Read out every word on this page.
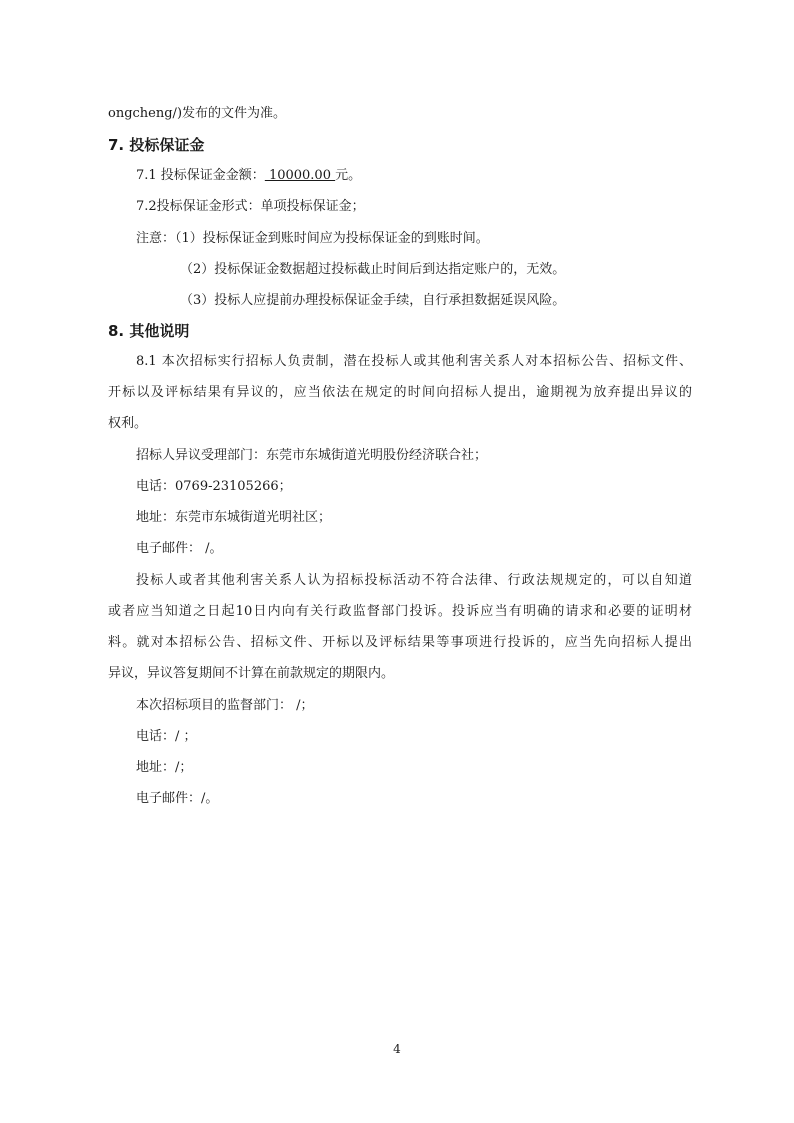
ongcheng/)发布的文件为准。
7. 投标保证金
7.1 投标保证金金额： 10000.00 元。
7.2投标保证金形式：单项投标保证金；
注意：（1）投标保证金到账时间应为投标保证金的到账时间。
（2）投标保证金数据超过投标截止时间后到达指定账户的，无效。
（3）投标人应提前办理投标保证金手续，自行承担数据延误风险。
8. 其他说明
8.1 本次招标实行招标人负责制，潜在投标人或其他利害关系人对本招标公告、招标文件、
开标以及评标结果有异议的，应当依法在规定的时间向招标人提出，逾期视为放弃提出异议的
权利。
招标人异议受理部门：东莞市东城街道光明股份经济联合社；
电话：0769-23105266；
地址：东莞市东城街道光明社区；
电子邮件： /。
投标人或者其他利害关系人认为招标投标活动不符合法律、行政法规规定的，可以自知道
或者应当知道之日起10日内向有关行政监督部门投诉。投诉应当有明确的请求和必要的证明材
料。就对本招标公告、招标文件、开标以及评标结果等事项进行投诉的，应当先向招标人提出
异议，异议答复期间不计算在前款规定的期限内。
本次招标项目的监督部门： /；
电话：/ ；
地址：/；
电子邮件：/。
4
